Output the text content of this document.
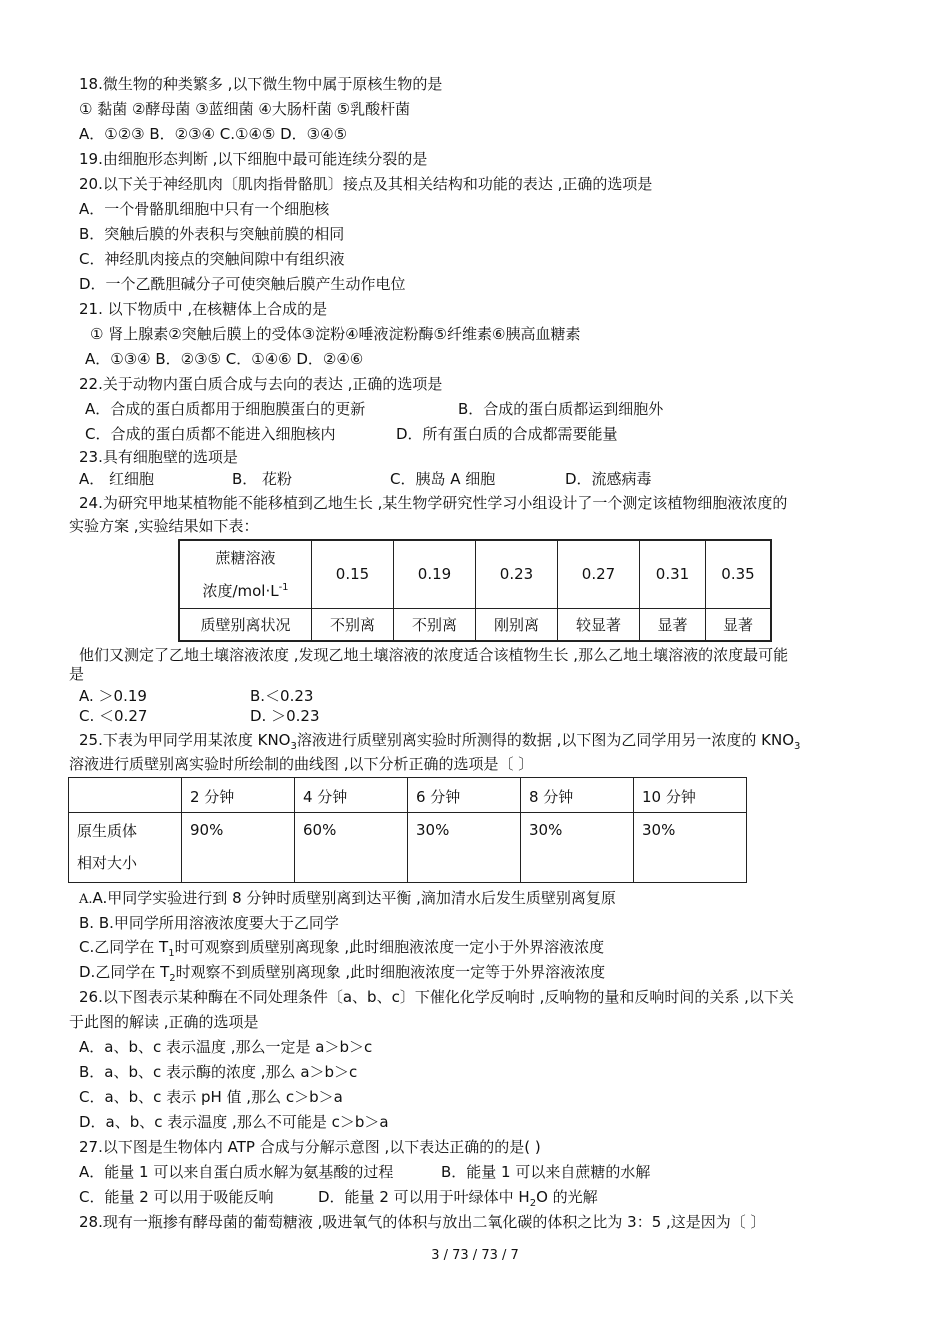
18.微生物的种类繁多 ,以下微生物中属于原核生物的是
① 黏菌 ②酵母菌 ③蓝细菌 ④大肠杆菌 ⑤乳酸杆菌
A．①②③ B．②③④ C.①④⑤ D．③④⑤
19.由细胞形态判断 ,以下细胞中最可能连续分裂的是
20.以下关于神经肌肉〔肌肉指骨骼肌〕接点及其相关结构和功能的表达 ,正确的选项是
A．一个骨骼肌细胞中只有一个细胞核
B．突触后膜的外表积与突触前膜的相同
C．神经肌肉接点的突触间隙中有组织液
D．一个乙酰胆碱分子可使突触后膜产生动作电位
21. 以下物质中 ,在核糖体上合成的是
① 肾上腺素②突触后膜上的受体③淀粉④唾液淀粉酶⑤纤维素⑥胰高血糖素
A．①③④ B．②③⑤ C．①④⑥ D．②④⑥
22.关于动物内蛋白质合成与去向的表达 ,正确的选项是
A．合成的蛋白质都用于细胞膜蛋白的更新	B．合成的蛋白质都运到细胞外
C．合成的蛋白质都不能进入细胞核内	D．所有蛋白质的合成都需要能量
23.具有细胞壁的选项是
A． 红细胞	B． 花粉	C．胰岛 A 细胞	D．流感病毒
24.为研究甲地某植物能不能移植到乙地生长 ,某生物学研究性学习小组设计了一个测定该植物细胞液浓度的
实验方案 ,实验结果如下表：
蔗糖溶液
浓度$/mol\cdot L^{-1}$	0.15	0.19	0.23	0.27	0.31	0.35
质壁别离状况	不别离	不别离	刚别离	较显著	显著	显著
他们又测定了乙地土壤溶液浓度 ,发现乙地土壤溶液的浓度适合该植物生长 ,那么乙地土壤溶液的浓度最可能
是
A. ＞0.19	B.＜0.23
C. ＜0.27	D. ＞0.23
25.下表为甲同学用某浓度 $KNO_3$溶液进行质壁别离实验时所测得的数据 ,以下图为乙同学用另一浓度的 $KNO_3$
溶液进行质壁别离实验时所绘制的曲线图 ,以下分析正确的选项是〔 〕
	2 分钟	4 分钟	6 分钟	8 分钟	10 分钟

原生质体
相对大小	90%	60%	30%	30%	30%
A.A.甲同学实验进行到 8 分钟时质壁别离到达平衡 ,滴加清水后发生质壁别离复原
B. B.甲同学所用溶液浓度要大于乙同学
C.乙同学在 $T_1$时可观察到质壁别离现象 ,此时细胞液浓度一定小于外界溶液浓度
D.乙同学在 $T_2$时观察不到质壁别离现象 ,此时细胞液浓度一定等于外界溶液浓度
26.以下图表示某种酶在不同处理条件〔a、b、c〕下催化化学反响时 ,反响物的量和反响时间的关系 ,以下关
于此图的解读 ,正确的选项是
A．a、b、c 表示温度 ,那么一定是 a＞b＞c
B．a、b、c 表示酶的浓度 ,那么 a＞b＞c
C．a、b、c 表示 pH 值 ,那么 c＞b＞a
D．a、b、c 表示温度 ,那么不可能是 c＞b＞a
27.以下图是生物体内 ATP 合成与分解示意图 ,以下表达正确的的是( )
A．能量 1 可以来自蛋白质水解为氨基酸的过程	B．能量 1 可以来自蔗糖的水解
C．能量 2 可以用于吸能反响	D．能量 2 可以用于叶绿体中 $H_2O$ 的光解
28.现有一瓶掺有酵母菌的葡萄糖液 ,吸进氧气的体积与放出二氧化碳的体积之比为 3：5 ,这是因为〔 〕
3 / 73 / 73 / 7
